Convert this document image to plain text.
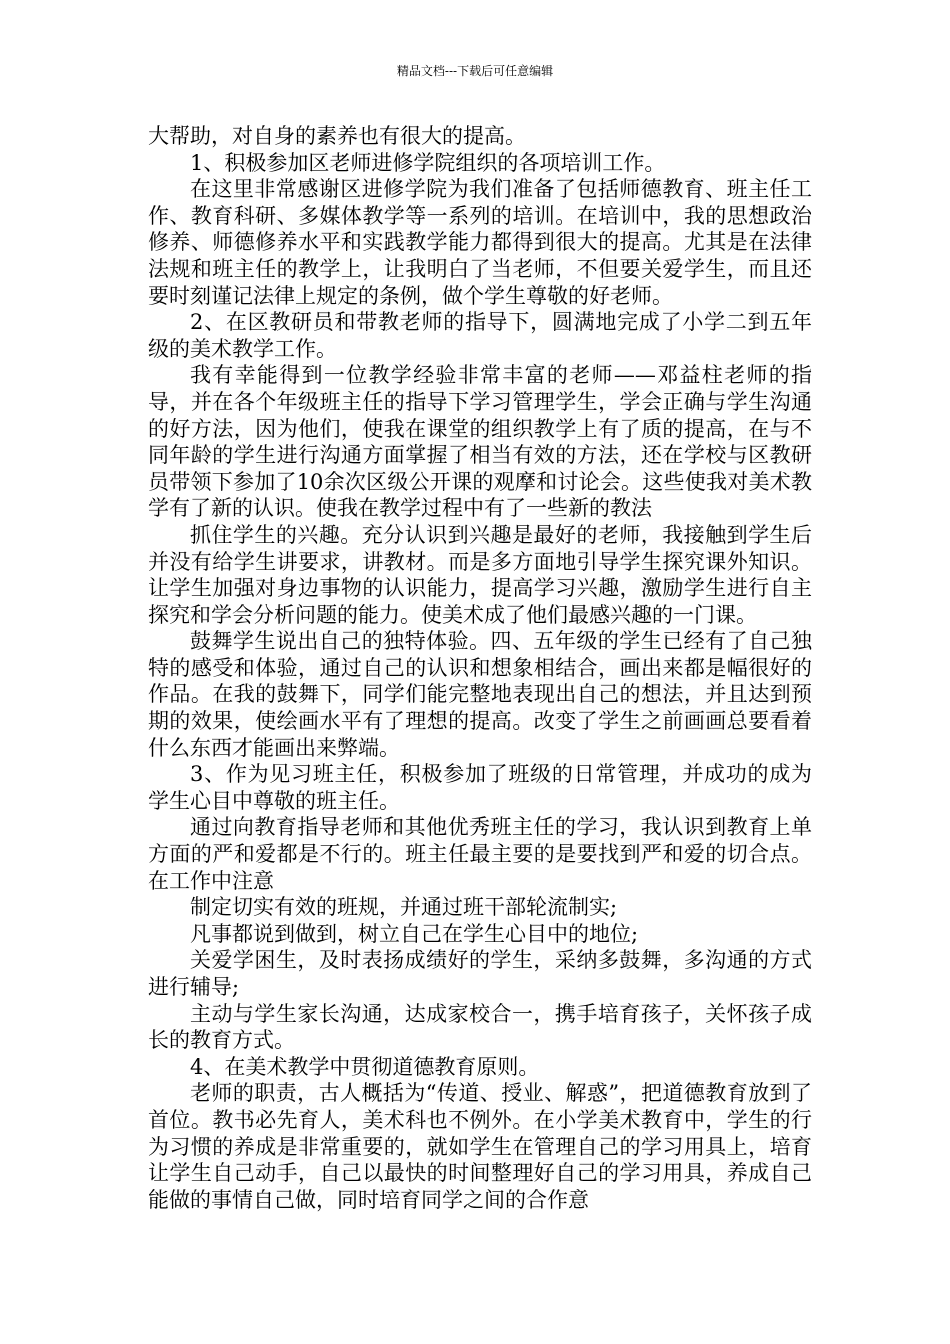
精品文档---下载后可任意编辑

大帮助，对自身的素养也有很大的提高。

1、积极参加区老师进修学院组织的各项培训工作。

在这里非常感谢区进修学院为我们准备了包括师德教育、班主任工作、教育科研、多媒体教学等一系列的培训。在培训中，我的思想政治修养、师德修养水平和实践教学能力都得到很大的提高。尤其是在法律法规和班主任的教学上，让我明白了当老师，不但要关爱学生，而且还要时刻谨记法律上规定的条例，做个学生尊敬的好老师。

2、在区教研员和带教老师的指导下，圆满地完成了小学二到五年级的美术教学工作。

我有幸能得到一位教学经验非常丰富的老师——邓益柱老师的指导，并在各个年级班主任的指导下学习管理学生，学会正确与学生沟通的好方法，因为他们，使我在课堂的组织教学上有了质的提高，在与不同年龄的学生进行沟通方面掌握了相当有效的方法，还在学校与区教研员带领下参加了10余次区级公开课的观摩和讨论会。这些使我对美术教学有了新的认识。使我在教学过程中有了一些新的教法

抓住学生的兴趣。充分认识到兴趣是最好的老师，我接触到学生后并没有给学生讲要求，讲教材。而是多方面地引导学生探究课外知识。让学生加强对身边事物的认识能力，提高学习兴趣，激励学生进行自主探究和学会分析问题的能力。使美术成了他们最感兴趣的一门课。

鼓舞学生说出自己的独特体验。四、五年级的学生已经有了自己独特的感受和体验，通过自己的认识和想象相结合，画出来都是幅很好的作品。在我的鼓舞下，同学们能完整地表现出自己的想法，并且达到预期的效果，使绘画水平有了理想的提高。改变了学生之前画画总要看着什么东西才能画出来弊端。

3、作为见习班主任，积极参加了班级的日常管理，并成功的成为学生心目中尊敬的班主任。

通过向教育指导老师和其他优秀班主任的学习，我认识到教育上单方面的严和爱都是不行的。班主任最主要的是要找到严和爱的切合点。在工作中注意

制定切实有效的班规，并通过班干部轮流制实;

凡事都说到做到，树立自己在学生心目中的地位;

关爱学困生，及时表扬成绩好的学生，采纳多鼓舞，多沟通的方式进行辅导;

主动与学生家长沟通，达成家校合一，携手培育孩子，关怀孩子成长的教育方式。

4、在美术教学中贯彻道德教育原则。

老师的职责，古人概括为“传道、授业、解惑”，把道德教育放到了首位。教书必先育人，美术科也不例外。在小学美术教育中，学生的行为习惯的养成是非常重要的，就如学生在管理自己的学习用具上，培育让学生自己动手，自己以最快的时间整理好自己的学习用具，养成自己能做的事情自己做，同时培育同学之间的合作意
